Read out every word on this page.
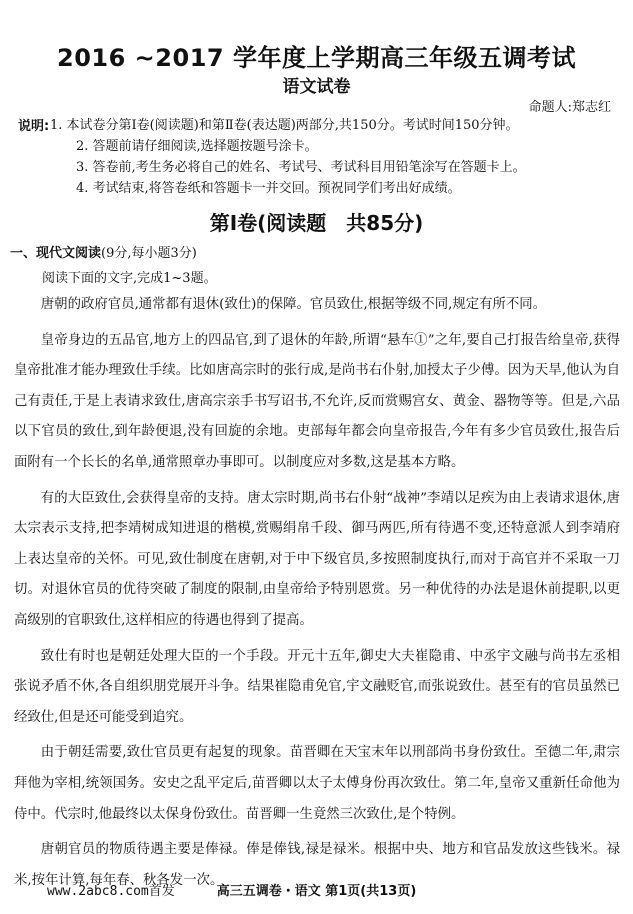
2016 ~2017 学年度上学期高三年级五调考试
语文试卷
命题人:郑志红
说明: 1. 本试卷分第Ⅰ卷(阅读题)和第Ⅱ卷(表达题)两部分,共150分。考试时间150分钟。
2. 答题前请仔细阅读,选择题按题号涂卡。
3. 答卷前,考生务必将自己的姓名、考试号、考试科目用铅笔涂写在答题卡上。
4. 考试结束,将答卷纸和答题卡一并交回。预祝同学们考出好成绩。
第Ⅰ卷(阅读题　共85分)
一、现代文阅读(9分,每小题3分)
阅读下面的文字,完成1~3题。

唐朝的政府官员,通常都有退休(致仕)的保障。官员致仕,根据等级不同,规定有所不同。

皇帝身边的五品官,地方上的四品官,到了退休的年龄,所谓“悬车①”之年,要自己打报告给皇帝,获得皇帝批准才能办理致仕手续。比如唐高宗时的张行成,是尚书右仆射,加授太子少傅。因为天旱,他认为自己有责任,于是上表请求致仕,唐高宗亲手书写诏书,不允许,反而赏赐宫女、黄金、器物等等。但是,六品以下官员的致仕,到年龄便退,没有回旋的余地。吏部每年都会向皇帝报告,今年有多少官员致仕,报告后面附有一个长长的名单,通常照章办事即可。以制度应对多数,这是基本方略。

有的大臣致仕,会获得皇帝的支持。唐太宗时期,尚书右仆射“战神”李靖以足疾为由上表请求退休,唐太宗表示支持,把李靖树成知进退的楷模,赏赐绢帛千段、御马两匹,所有待遇不变,还特意派人到李靖府上表达皇帝的关怀。可见,致仕制度在唐朝,对于中下级官员,多按照制度执行,而对于高官并不采取一刀切。对退休官员的优待突破了制度的限制,由皇帝给予特别恩赏。另一种优待的办法是退休前提职,以更高级别的官职致仕,这样相应的待遇也得到了提高。

致仕有时也是朝廷处理大臣的一个手段。开元十五年,御史大夫崔隐甫、中丞宇文融与尚书左丞相张说矛盾不休,各自组织朋党展开斗争。结果崔隐甫免官,宇文融贬官,而张说致仕。甚至有的官员虽然已经致仕,但是还可能受到追究。

由于朝廷需要,致仕官员更有起复的现象。苗晋卿在天宝末年以刑部尚书身份致仕。至德二年,肃宗拜他为宰相,统领国务。安史之乱平定后,苗晋卿以太子太傅身份再次致仕。第二年,皇帝又重新任命他为侍中。代宗时,他最终以太保身份致仕。苗晋卿一生竟然三次致仕,是个特例。

唐朝官员的物质待遇主要是俸禄。俸是俸钱,禄是禄米。根据中央、地方和官品发放这些钱米。禄米,按年计算,每年春、秋各发一次。

高三五调卷・语文 第1页(共13页)
www.2abc8.com首发
